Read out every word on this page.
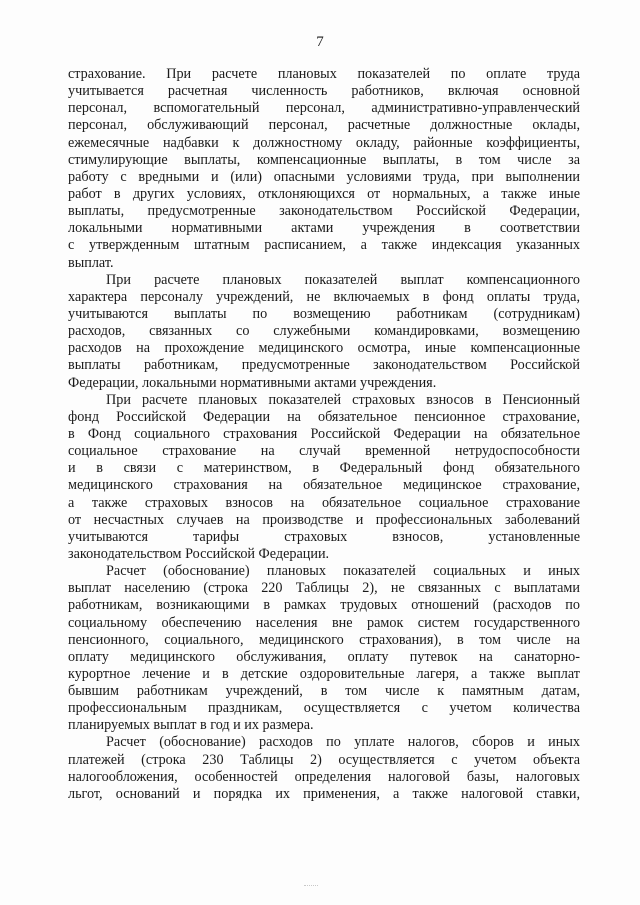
7
страхование. При расчете плановых показателей по оплате труда
учитывается расчетная численность работников, включая основной
персонал, вспомогательный персонал, административно-управленческий
персонал, обслуживающий персонал, расчетные должностные оклады,
ежемесячные надбавки к должностному окладу, районные коэффициенты,
стимулирующие выплаты, компенсационные выплаты, в том числе за
работу с вредными и (или) опасными условиями труда, при выполнении
работ в других условиях, отклоняющихся от нормальных, а также иные
выплаты, предусмотренные законодательством Российской Федерации,
локальными нормативными актами учреждения в соответствии
с утвержденным штатным расписанием, а также индексация указанных
выплат.
При расчете плановых показателей выплат компенсационного
характера персоналу учреждений, не включаемых в фонд оплаты труда,
учитываются выплаты по возмещению работникам (сотрудникам)
расходов, связанных со служебными командировками, возмещению
расходов на прохождение медицинского осмотра, иные компенсационные
выплаты работникам, предусмотренные законодательством Российской
Федерации, локальными нормативными актами учреждения.
При расчете плановых показателей страховых взносов в Пенсионный
фонд Российской Федерации на обязательное пенсионное страхование,
в Фонд социального страхования Российской Федерации на обязательное
социальное страхование на случай временной нетрудоспособности
и в связи с материнством, в Федеральный фонд обязательного
медицинского страхования на обязательное медицинское страхование,
а также страховых взносов на обязательное социальное страхование
от несчастных случаев на производстве и профессиональных заболеваний
учитываются тарифы страховых взносов, установленные
законодательством Российской Федерации.
Расчет (обоснование) плановых показателей социальных и иных
выплат населению (строка 220 Таблицы 2), не связанных с выплатами
работникам, возникающими в рамках трудовых отношений (расходов по
социальному обеспечению населения вне рамок систем государственного
пенсионного, социального, медицинского страхования), в том числе на
оплату медицинского обслуживания, оплату путевок на санаторно-
курортное лечение и в детские оздоровительные лагеря, а также выплат
бывшим работникам учреждений, в том числе к памятным датам,
профессиональным праздникам, осуществляется с учетом количества
планируемых выплат в год и их размера.
Расчет (обоснование) расходов по уплате налогов, сборов и иных
платежей (строка 230 Таблицы 2) осуществляется с учетом объекта
налогообложения, особенностей определения налоговой базы, налоговых
льгот, оснований и порядка их применения, а также налоговой ставки,
